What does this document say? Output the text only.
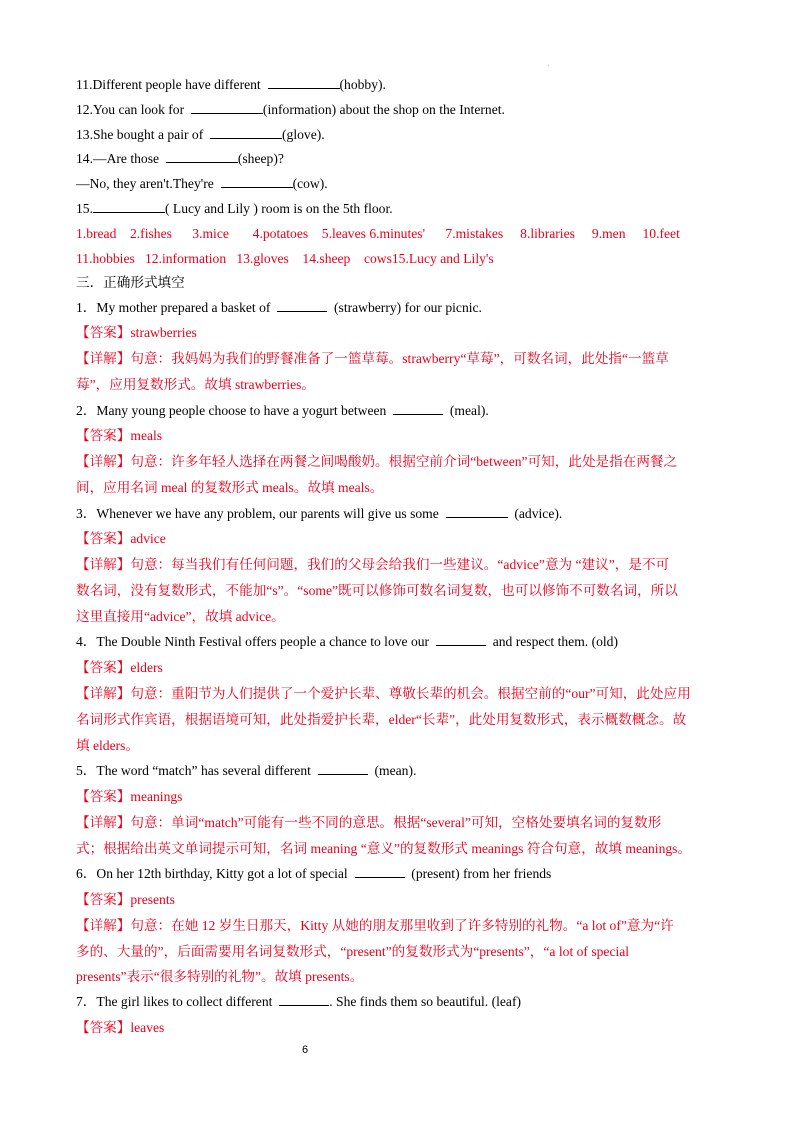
.
11.Different people have different	(hobby).
12.You can look for	(information) about the shop on the Internet.
13.She bought a pair of	(glove).
14.—Are those	(sheep)?
—No, they aren't.They're	(cow).
15.	( Lucy and Lily ) room is on the 5th floor.
1.bread    2.fishes      3.mice       4.potatoes    5.leaves 6.minutes'      7.mistakes     8.libraries     9.men     10.feet
11.hobbies   12.information   13.gloves    14.sheep    cows15.Lucy and Lily's
三．正确形式填空
1．My mother prepared a basket of	(strawberry) for our picnic.
【答案】strawberries
【详解】句意：我妈妈为我们的野餐准备了一篮草莓。strawberry“草莓”，可数名词，此处指“一篮草
莓”，应用复数形式。故填 strawberries。
2．Many young people choose to have a yogurt between	(meal).
【答案】meals
【详解】句意：许多年轻人选择在两餐之间喝酸奶。根据空前介词“between”可知，此处是指在两餐之
间，应用名词 meal 的复数形式 meals。故填 meals。
3．Whenever we have any problem, our parents will give us some	(advice).
【答案】advice
【详解】句意：每当我们有任何问题，我们的父母会给我们一些建议。“advice”意为 “建议”，是不可
数名词，没有复数形式，不能加“s”。“some”既可以修饰可数名词复数，也可以修饰不可数名词，所以
这里直接用“advice”，故填 advice。
4．The Double Ninth Festival offers people a chance to love our	and respect them. (old)
【答案】elders
【详解】句意：重阳节为人们提供了一个爱护长辈、尊敬长辈的机会。根据空前的“our”可知，此处应用
名词形式作宾语，根据语境可知，此处指爱护长辈，elder“长辈”，此处用复数形式，表示概数概念。故
填 elders。
5．The word “match” has several different	(mean).
【答案】meanings
【详解】句意：单词“match”可能有一些不同的意思。根据“several”可知，空格处要填名词的复数形
式；根据给出英文单词提示可知，名词 meaning “意义”的复数形式 meanings 符合句意，故填 meanings。
6．On her 12th birthday, Kitty got a lot of special	(present) from her friends
【答案】presents
【详解】句意：在她 12 岁生日那天，Kitty 从她的朋友那里收到了许多特别的礼物。“a lot of”意为“许
多的、大量的”，后面需要用名词复数形式，“present”的复数形式为“presents”，“a lot of special
presents”表示“很多特别的礼物”。故填 presents。
7．The girl likes to collect different	. She finds them so beautiful. (leaf)
【答案】leaves
6
